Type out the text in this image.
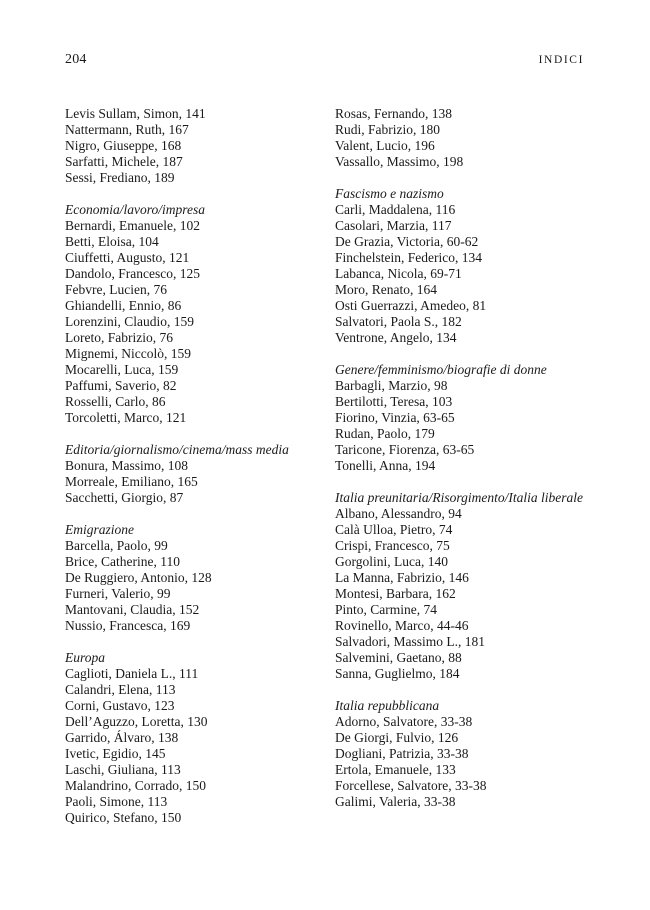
204	INDICI
Levis Sullam, Simon, 141
Nattermann, Ruth, 167
Nigro, Giuseppe, 168
Sarfatti, Michele, 187
Sessi, Frediano, 189
Economia/lavoro/impresa
Bernardi, Emanuele, 102
Betti, Eloisa, 104
Ciuffetti, Augusto, 121
Dandolo, Francesco, 125
Febvre, Lucien, 76
Ghiandelli, Ennio, 86
Lorenzini, Claudio, 159
Loreto, Fabrizio, 76
Mignemi, Niccolò, 159
Mocarelli, Luca, 159
Paffumi, Saverio, 82
Rosselli, Carlo, 86
Torcoletti, Marco, 121
Editoria/giornalismo/cinema/mass media
Bonura, Massimo, 108
Morreale, Emiliano, 165
Sacchetti, Giorgio, 87
Emigrazione
Barcella, Paolo, 99
Brice, Catherine, 110
De Ruggiero, Antonio, 128
Furneri, Valerio, 99
Mantovani, Claudia, 152
Nussio, Francesca, 169
Europa
Caglioti, Daniela L., 111
Calandri, Elena, 113
Corni, Gustavo, 123
Dell’Aguzzo, Loretta, 130
Garrido, Álvaro, 138
Ivetic, Egidio, 145
Laschi, Giuliana, 113
Malandrino, Corrado, 150
Paoli, Simone, 113
Quirico, Stefano, 150
Rosas, Fernando, 138
Rudi, Fabrizio, 180
Valent, Lucio, 196
Vassallo, Massimo, 198
Fascismo e nazismo
Carli, Maddalena, 116
Casolari, Marzia, 117
De Grazia, Victoria, 60-62
Finchelstein, Federico, 134
Labanca, Nicola, 69-71
Moro, Renato, 164
Osti Guerrazzi, Amedeo, 81
Salvatori, Paola S., 182
Ventrone, Angelo, 134
Genere/femminismo/biografie di donne
Barbagli, Marzio, 98
Bertilotti, Teresa, 103
Fiorino, Vinzia, 63-65
Rudan, Paolo, 179
Taricone, Fiorenza, 63-65
Tonelli, Anna, 194
Italia preunitaria/Risorgimento/Italia liberale
Albano, Alessandro, 94
Calà Ulloa, Pietro, 74
Crispi, Francesco, 75
Gorgolini, Luca, 140
La Manna, Fabrizio, 146
Montesi, Barbara, 162
Pinto, Carmine, 74
Rovinello, Marco, 44-46
Salvadori, Massimo L., 181
Salvemini, Gaetano, 88
Sanna, Guglielmo, 184
Italia repubblicana
Adorno, Salvatore, 33-38
De Giorgi, Fulvio, 126
Dogliani, Patrizia, 33-38
Ertola, Emanuele, 133
Forcellese, Salvatore, 33-38
Galimi, Valeria, 33-38
